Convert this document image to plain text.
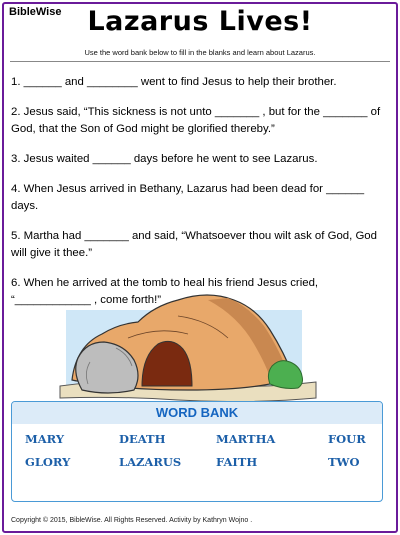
BibleWise Lazarus Lives!
Use the word bank below to fill in the blanks and learn about Lazarus.

1. ______ and ________ went to find Jesus to help their brother.

2. Jesus said, “This sickness is not unto _______ , but for the _______ of God, that the Son of God might be glorified thereby.”

3. Jesus waited ______ days before he went to see Lazarus.

4. When Jesus arrived in Bethany, Lazarus had been dead for ______ days.

5. Martha had _______ and said, “Whatsoever thou wilt ask of God, God will give it thee.”

6. When he arrived at the tomb to heal his friend Jesus cried, “____________ , come forth!”

WORD BANK
MARY	DEATH	MARTHA	FOUR
GLORY	LAZARUS	FAITH	TWO
Copyright © 2015, BibleWise. All Rights Reserved. Activity by Kathryn Wojno .
